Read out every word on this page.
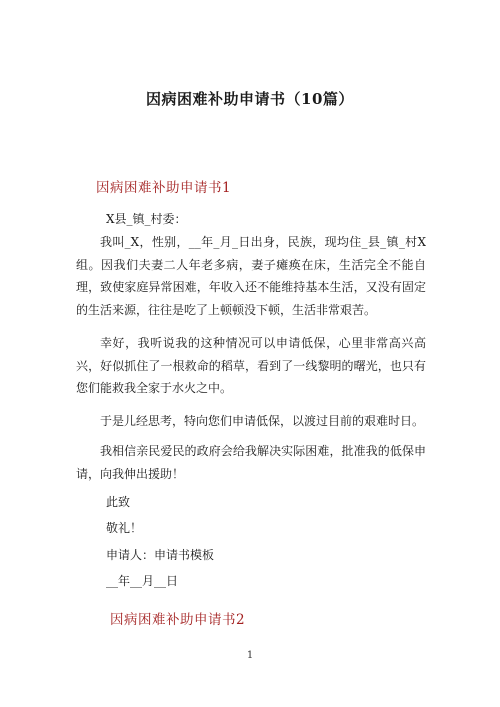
因病困难补助申请书（10篇）
因病困难补助申请书1
X县_镇_村委：
我叫_X，性别，__年_月_日出身，民族，现均住_县_镇_村X组。因我们夫妻二人年老多病，妻子瘫痪在床，生活完全不能自理，致使家庭异常困难，年收入还不能维持基本生活，又没有固定的生活来源，往往是吃了上顿顿没下顿，生活非常艰苦。
幸好，我听说我的这种情况可以申请低保，心里非常高兴高兴，好似抓住了一根救命的稻草，看到了一线黎明的曙光，也只有您们能救我全家于水火之中。
于是儿经思考，特向您们申请低保，以渡过目前的艰难时日。
我相信亲民爱民的政府会给我解决实际困难，批准我的低保申请，向我伸出援助！
此致
敬礼！
申请人：申请书模板
__年__月__日
因病困难补助申请书2
1
